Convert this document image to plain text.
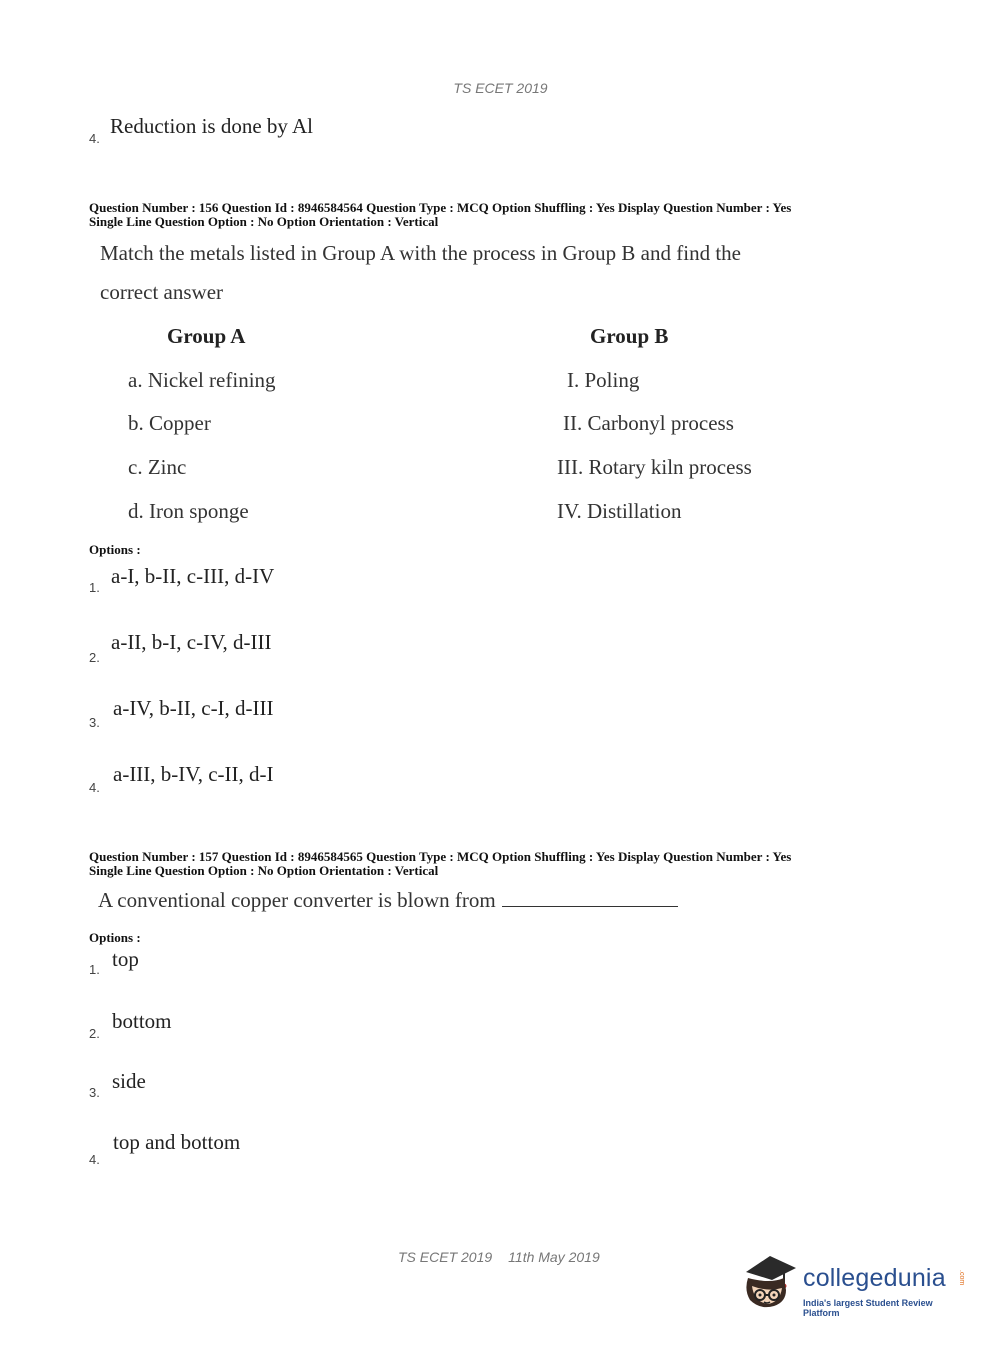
TS ECET 2019
4.
Reduction is done by Al
Question Number : 156 Question Id : 8946584564 Question Type : MCQ Option Shuffling : Yes Display Question Number : Yes
Single Line Question Option : No Option Orientation : Vertical
Match the metals listed in Group A with the process in Group B and find the
correct answer
Group A	Group B
a. Nickel refining
b. Copper
c. Zinc
d. Iron sponge
I. Poling
II. Carbonyl process
III. Rotary kiln process
IV. Distillation
Options :
1. a-I, b-II, c-III, d-IV
2.
a-II, b-I, c-IV, d-III
3.
a-IV, b-II, c-I, d-III
4.
a-III, b-IV, c-II, d-I
Question Number : 157 Question Id : 8946584565 Question Type : MCQ Option Shuffling : Yes Display Question Number : Yes
Single Line Question Option : No Option Orientation : Vertical
A conventional copper converter is blown from
Options :
1. top
2.
bottom
3. side
4.
top and bottom
TS ECET 2019 11th May 2019
collegedunia .com
India's largest Student Review Platform
